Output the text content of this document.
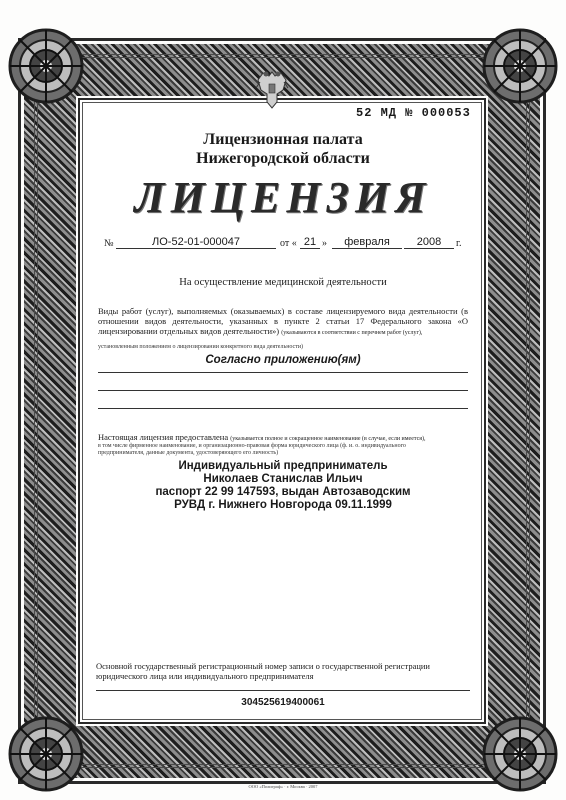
52 МД № 000053
Лицензионная палата
Нижегородской области
ЛИЦЕНЗИЯ
№	ЛО-52-01-000047	от « 21 »	февраля	2008	г.
На осуществление медицинской деятельности
Виды работ (услуг), выполняемых (оказываемых) в составе лицензируемого вида деятельности (в отношении видов деятельности, указанных в пункте 2 статьи 17 Федерального закона «О лицензировании отдельных видов деятельности») (указываются в соответствии с перечнем работ (услуг),
установленным положением о лицензировании конкретного вида деятельности)
Согласно приложению(ям)
Настоящая лицензия предоставлена (указывается полное и сокращенное наименование (в случае, если имеется),
в том числе фирменное наименование, и организационно-правовая форма юридического лица (ф. и. о. индивидуального
предпринимателя, данные документа, удостоверяющего его личность)
Индивидуальный предприниматель
Николаев Станислав Ильич
паспорт 22 99 147593, выдан Автозаводским
РУВД г. Нижнего Новгорода 09.11.1999
Основной государственный регистрационный номер записи о государственной регистрации
юридического лица или индивидуального предпринимателя
304525619400061
ООО «Полиграф» · г. Москва · 2007
